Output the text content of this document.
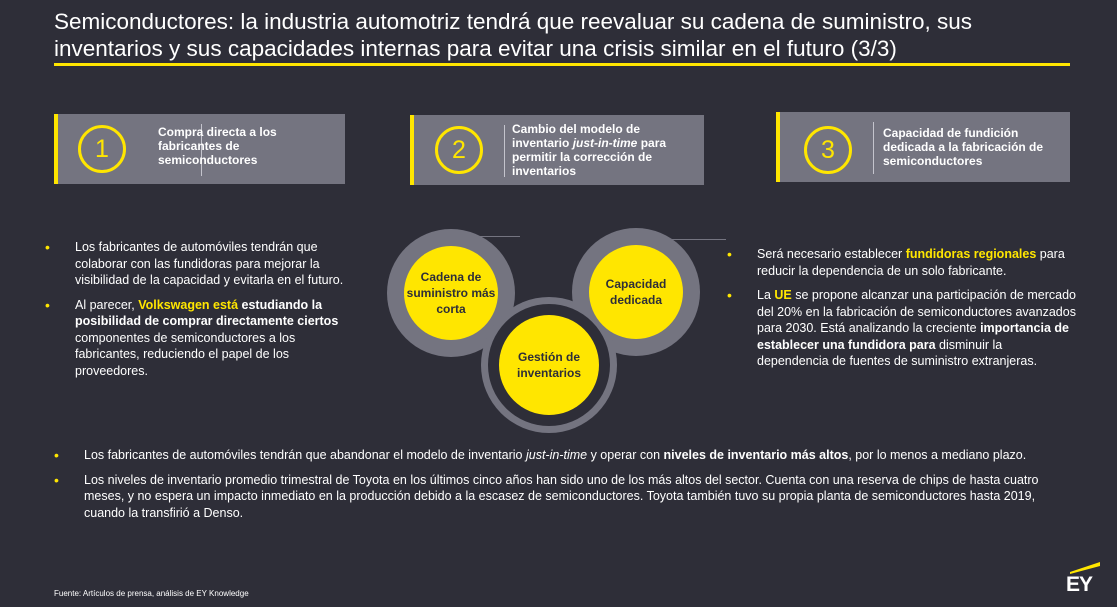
Semiconductores: la industria automotriz tendrá que reevaluar su cadena de suministro, sus inventarios y sus capacidades internas para evitar una crisis similar en el futuro (3/3)
1
Compra directa a los fabricantes de semiconductores	2
Cambio del modelo de inventario just-in-time para permitir la corrección de inventarios
3
Capacidad de fundición dedicada a la fabricación de semiconductores
• Los fabricantes de automóviles tendrán que colaborar con las fundidoras para mejorar la visibilidad de la capacidad y evitarla en el futuro.
• Al parecer, Volkswagen está estudiando la posibilidad de comprar directamente ciertos componentes de semiconductores a los fabricantes, reduciendo el papel de los proveedores.
Cadena de suministro más corta
Capacidad dedicada
Gestión de inventarios
• Será necesario establecer fundidoras regionales para reducir la dependencia de un solo fabricante.
• La UE se propone alcanzar una participación de mercado del 20% en la fabricación de semiconductores avanzados para 2030. Está analizando la creciente importancia de establecer una fundidora para disminuir la dependencia de fuentes de suministro extranjeras.
• Los fabricantes de automóviles tendrán que abandonar el modelo de inventario just-in-time y operar con niveles de inventario más altos, por lo menos a mediano plazo.
• Los niveles de inventario promedio trimestral de Toyota en los últimos cinco años han sido uno de los más altos del sector. Cuenta con una reserva de chips de hasta cuatro meses, y no espera un impacto inmediato en la producción debido a la escasez de semiconductores. Toyota también tuvo su propia planta de semiconductores hasta 2019, cuando la transfirió a Denso.
Fuente: Artículos de prensa, análisis de EY Knowledge	EY
